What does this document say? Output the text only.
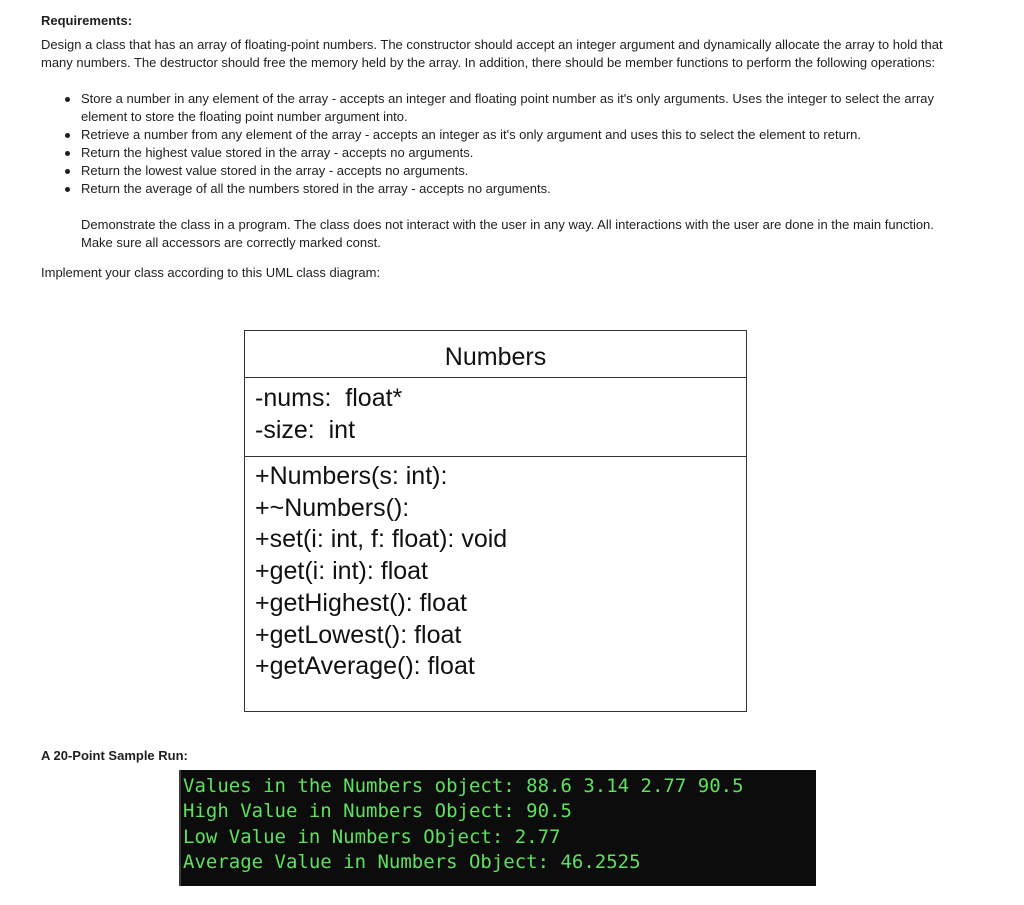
Requirements:

Design a class that has an array of floating-point numbers. The constructor should accept an integer argument and dynamically allocate the array to hold that many numbers. The destructor should free the memory held by the array. In addition, there should be member functions to perform the following operations:

Store a number in any element of the array - accepts an integer and floating point number as it's only arguments. Uses the integer to select the array element to store the floating point number argument into.
Retrieve a number from any element of the array - accepts an integer as it's only argument and uses this to select the element to return.
Return the highest value stored in the array - accepts no arguments.
Return the lowest value stored in the array - accepts no arguments.
Return the average of all the numbers stored in the array - accepts no arguments.

Demonstrate the class in a program. The class does not interact with the user in any way. All interactions with the user are done in the main function. Make sure all accessors are correctly marked const.

Implement your class according to this UML class diagram:

Numbers
-nums:  float*
-size:  int
+Numbers(s: int):
+~Numbers():
+set(i: int, f: float): void
+get(i: int): float
+getHighest(): float
+getLowest(): float
+getAverage(): float
A 20-Point Sample Run:
Values in the Numbers object: 88.6 3.14 2.77 90.5
High Value in Numbers Object: 90.5
Low Value in Numbers Object: 2.77
Average Value in Numbers Object: 46.2525
